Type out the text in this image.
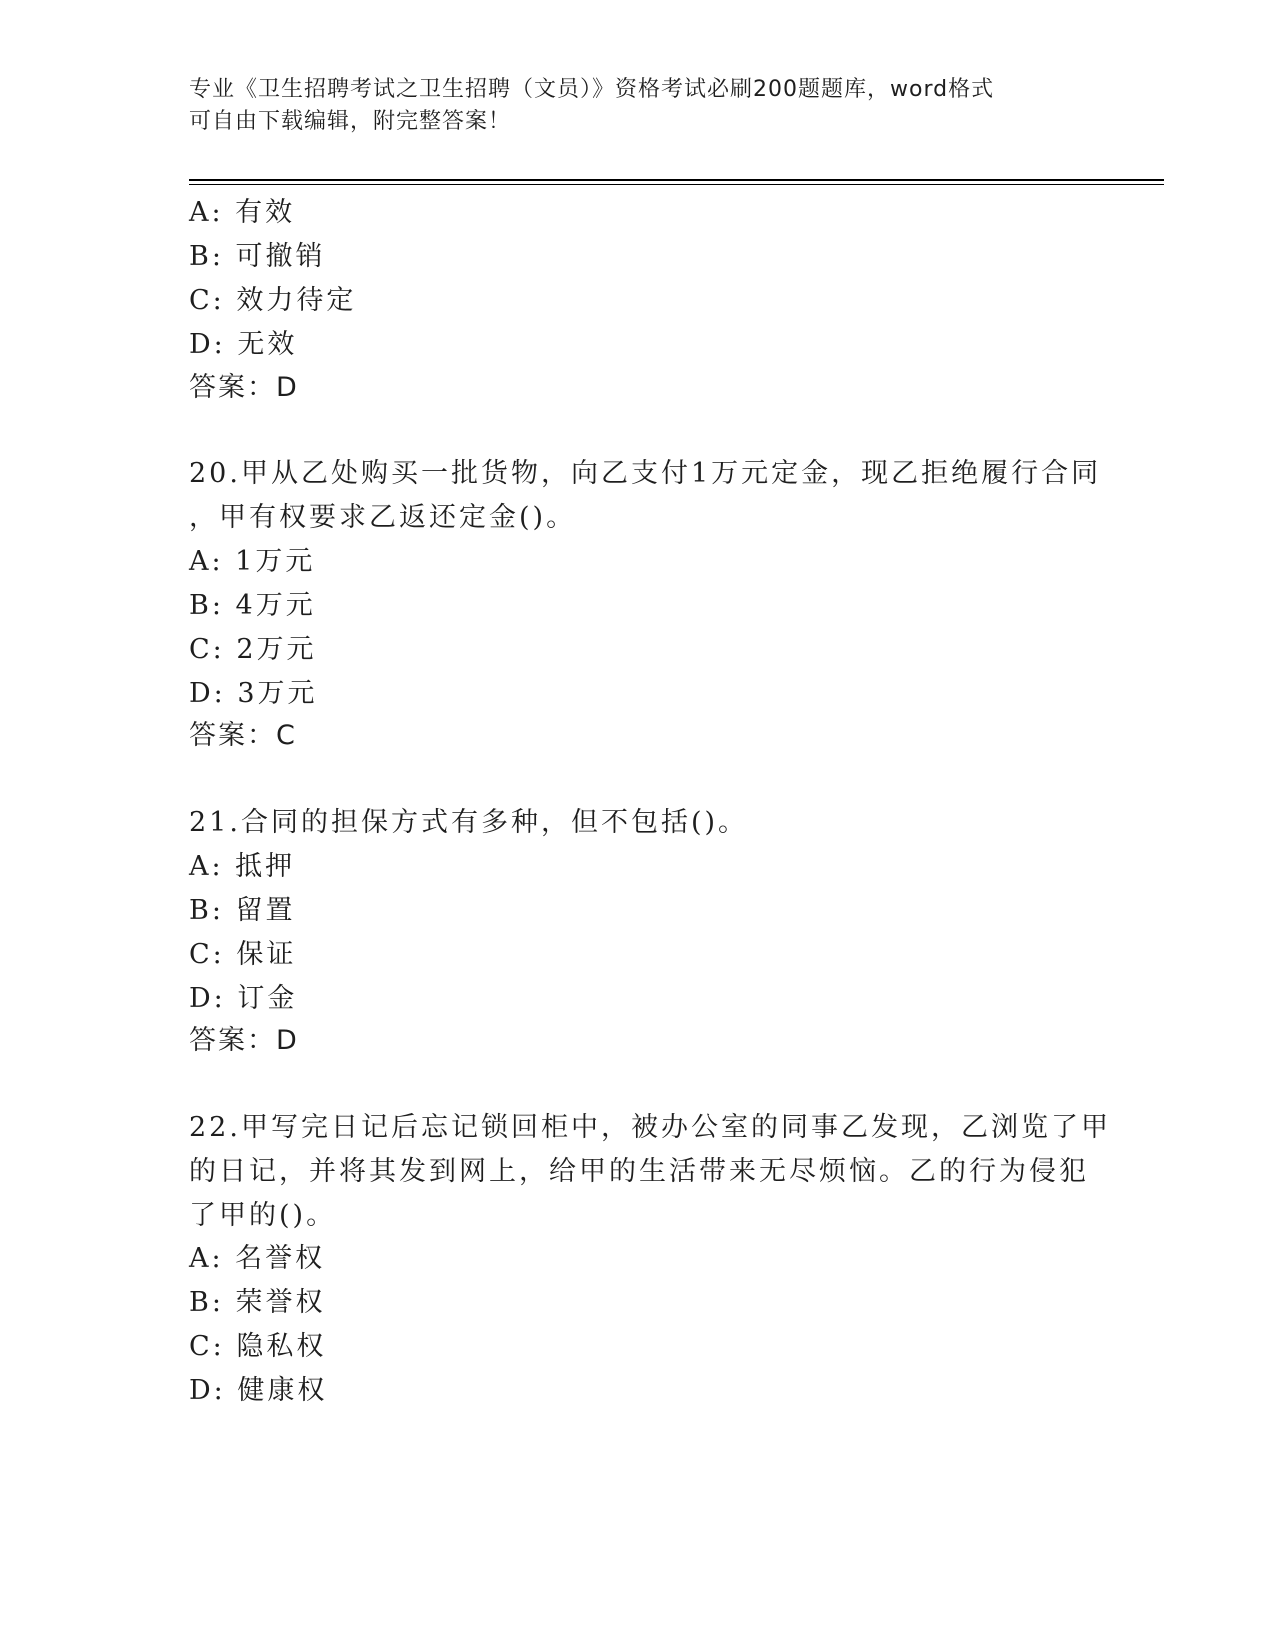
专业《卫生招聘考试之卫生招聘（文员）》资格考试必刷200题题库，word格式
可自由下载编辑，附完整答案！
A: 有效
B: 可撤销
C: 效力待定
D: 无效
答案：D
20.甲从乙处购买一批货物，向乙支付1万元定金，现乙拒绝履行合同
，甲有权要求乙返还定金()。
A: 1万元
B: 4万元
C: 2万元
D: 3万元
答案：C
21.合同的担保方式有多种，但不包括()。
A: 抵押
B: 留置
C: 保证
D: 订金
答案：D
22.甲写完日记后忘记锁回柜中，被办公室的同事乙发现，乙浏览了甲
的日记，并将其发到网上，给甲的生活带来无尽烦恼。乙的行为侵犯
了甲的()。
A: 名誉权
B: 荣誉权
C: 隐私权
D: 健康权
